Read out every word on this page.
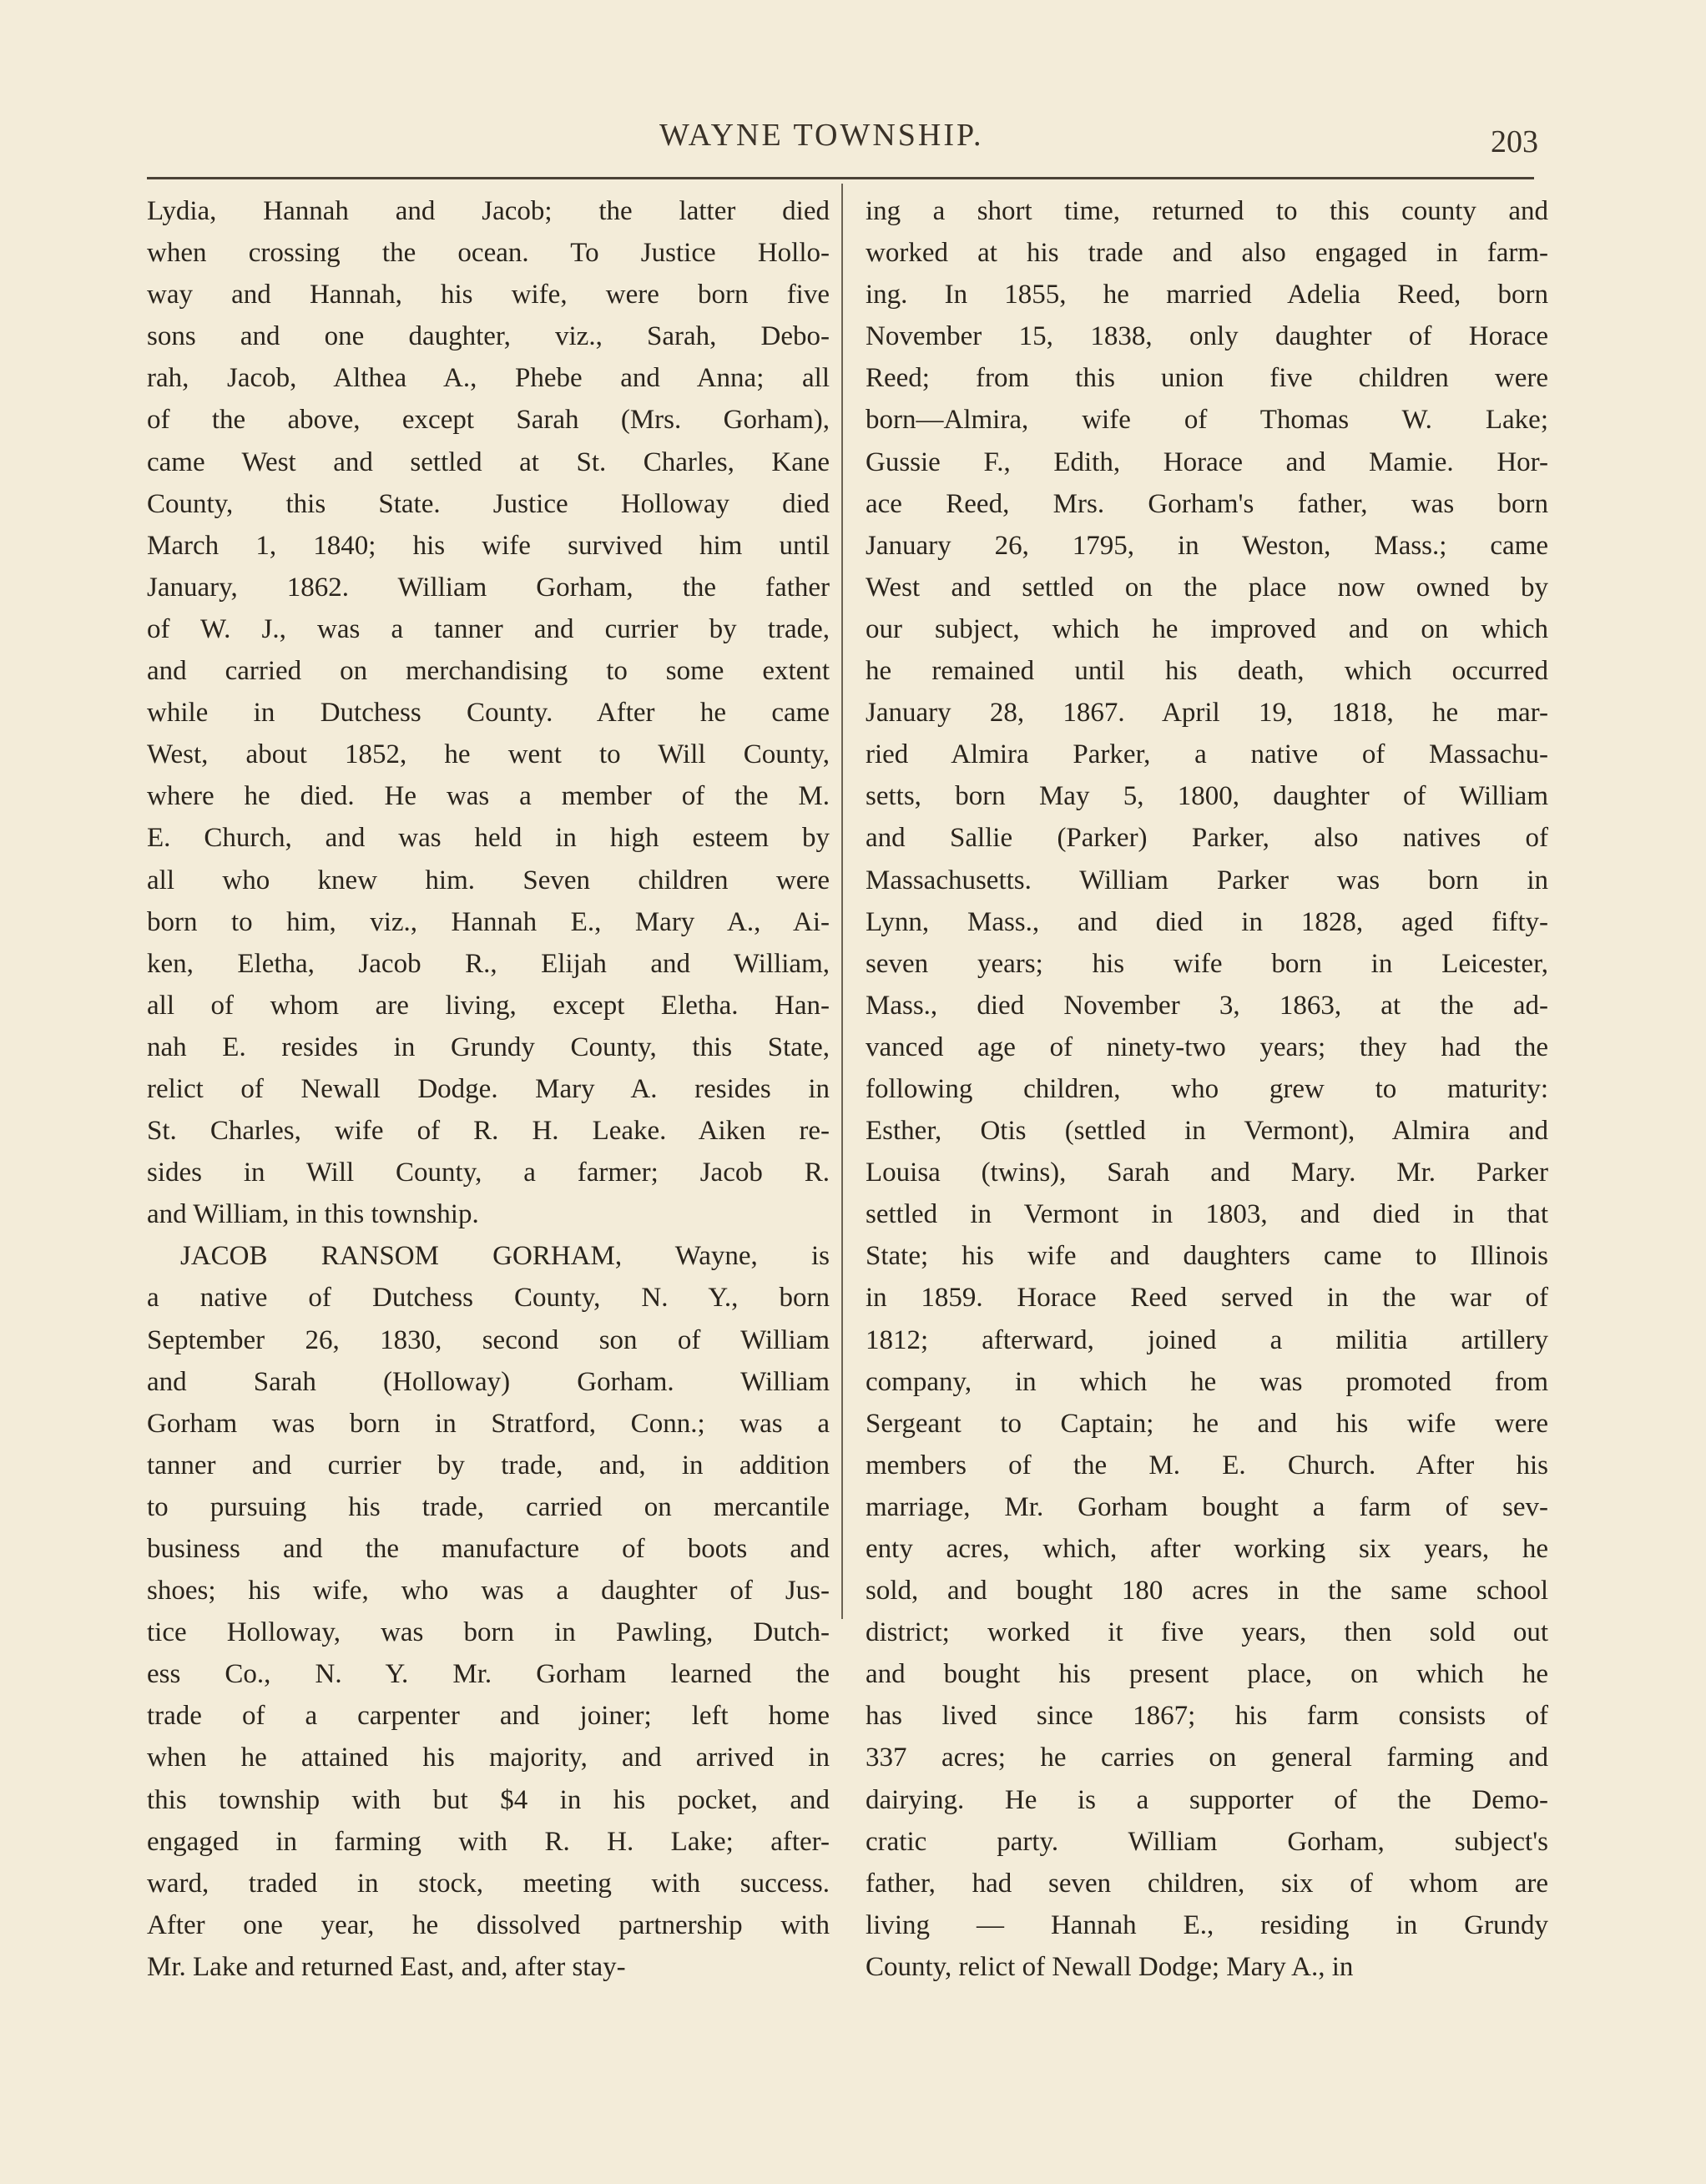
WAYNE TOWNSHIP.	203
Lydia, Hannah and Jacob; the latter died
when crossing the ocean. To Justice Hollo-
way and Hannah, his wife, were born five
sons and one daughter, viz., Sarah, Debo-
rah, Jacob, Althea A., Phebe and Anna; all
of the above, except Sarah (Mrs. Gorham),
came West and settled at St. Charles, Kane
County, this State. Justice Holloway died
March 1, 1840; his wife survived him until
January, 1862. William Gorham, the father
of W. J., was a tanner and currier by trade,
and carried on merchandising to some extent
while in Dutchess County. After he came
West, about 1852, he went to Will County,
where he died. He was a member of the M.
E. Church, and was held in high esteem by
all who knew him. Seven children were
born to him, viz., Hannah E., Mary A., Ai-
ken, Eletha, Jacob R., Elijah and William,
all of whom are living, except Eletha. Han-
nah E. resides in Grundy County, this State,
relict of Newall Dodge. Mary A. resides in
St. Charles, wife of R. H. Leake. Aiken re-
sides in Will County, a farmer; Jacob R.
and William, in this township.
JACOB RANSOM GORHAM, Wayne, is
a native of Dutchess County, N. Y., born
September 26, 1830, second son of William
and Sarah (Holloway) Gorham. William
Gorham was born in Stratford, Conn.; was a
tanner and currier by trade, and, in addition
to pursuing his trade, carried on mercantile
business and the manufacture of boots and
shoes; his wife, who was a daughter of Jus-
tice Holloway, was born in Pawling, Dutch-
ess Co., N. Y. Mr. Gorham learned the
trade of a carpenter and joiner; left home
when he attained his majority, and arrived in
this township with but $4 in his pocket, and
engaged in farming with R. H. Lake; after-
ward, traded in stock, meeting with success.
After one year, he dissolved partnership with
Mr. Lake and returned East, and, after stay-
ing a short time, returned to this county and
worked at his trade and also engaged in farm-
ing. In 1855, he married Adelia Reed, born
November 15, 1838, only daughter of Horace
Reed; from this union five children were
born—Almira, wife of Thomas W. Lake;
Gussie F., Edith, Horace and Mamie. Hor-
ace Reed, Mrs. Gorham's father, was born
January 26, 1795, in Weston, Mass.; came
West and settled on the place now owned by
our subject, which he improved and on which
he remained until his death, which occurred
January 28, 1867. April 19, 1818, he mar-
ried Almira Parker, a native of Massachu-
setts, born May 5, 1800, daughter of William
and Sallie (Parker) Parker, also natives of
Massachusetts. William Parker was born in
Lynn, Mass., and died in 1828, aged fifty-
seven years; his wife born in Leicester,
Mass., died November 3, 1863, at the ad-
vanced age of ninety-two years; they had the
following children, who grew to maturity:
Esther, Otis (settled in Vermont), Almira and
Louisa (twins), Sarah and Mary. Mr. Parker
settled in Vermont in 1803, and died in that
State; his wife and daughters came to Illinois
in 1859. Horace Reed served in the war of
1812; afterward, joined a militia artillery
company, in which he was promoted from
Sergeant to Captain; he and his wife were
members of the M. E. Church. After his
marriage, Mr. Gorham bought a farm of sev-
enty acres, which, after working six years, he
sold, and bought 180 acres in the same school
district; worked it five years, then sold out
and bought his present place, on which he
has lived since 1867; his farm consists of
337 acres; he carries on general farming and
dairying. He is a supporter of the Demo-
cratic party. William Gorham, subject's
father, had seven children, six of whom are
living — Hannah E., residing in Grundy
County, relict of Newall Dodge; Mary A., in
